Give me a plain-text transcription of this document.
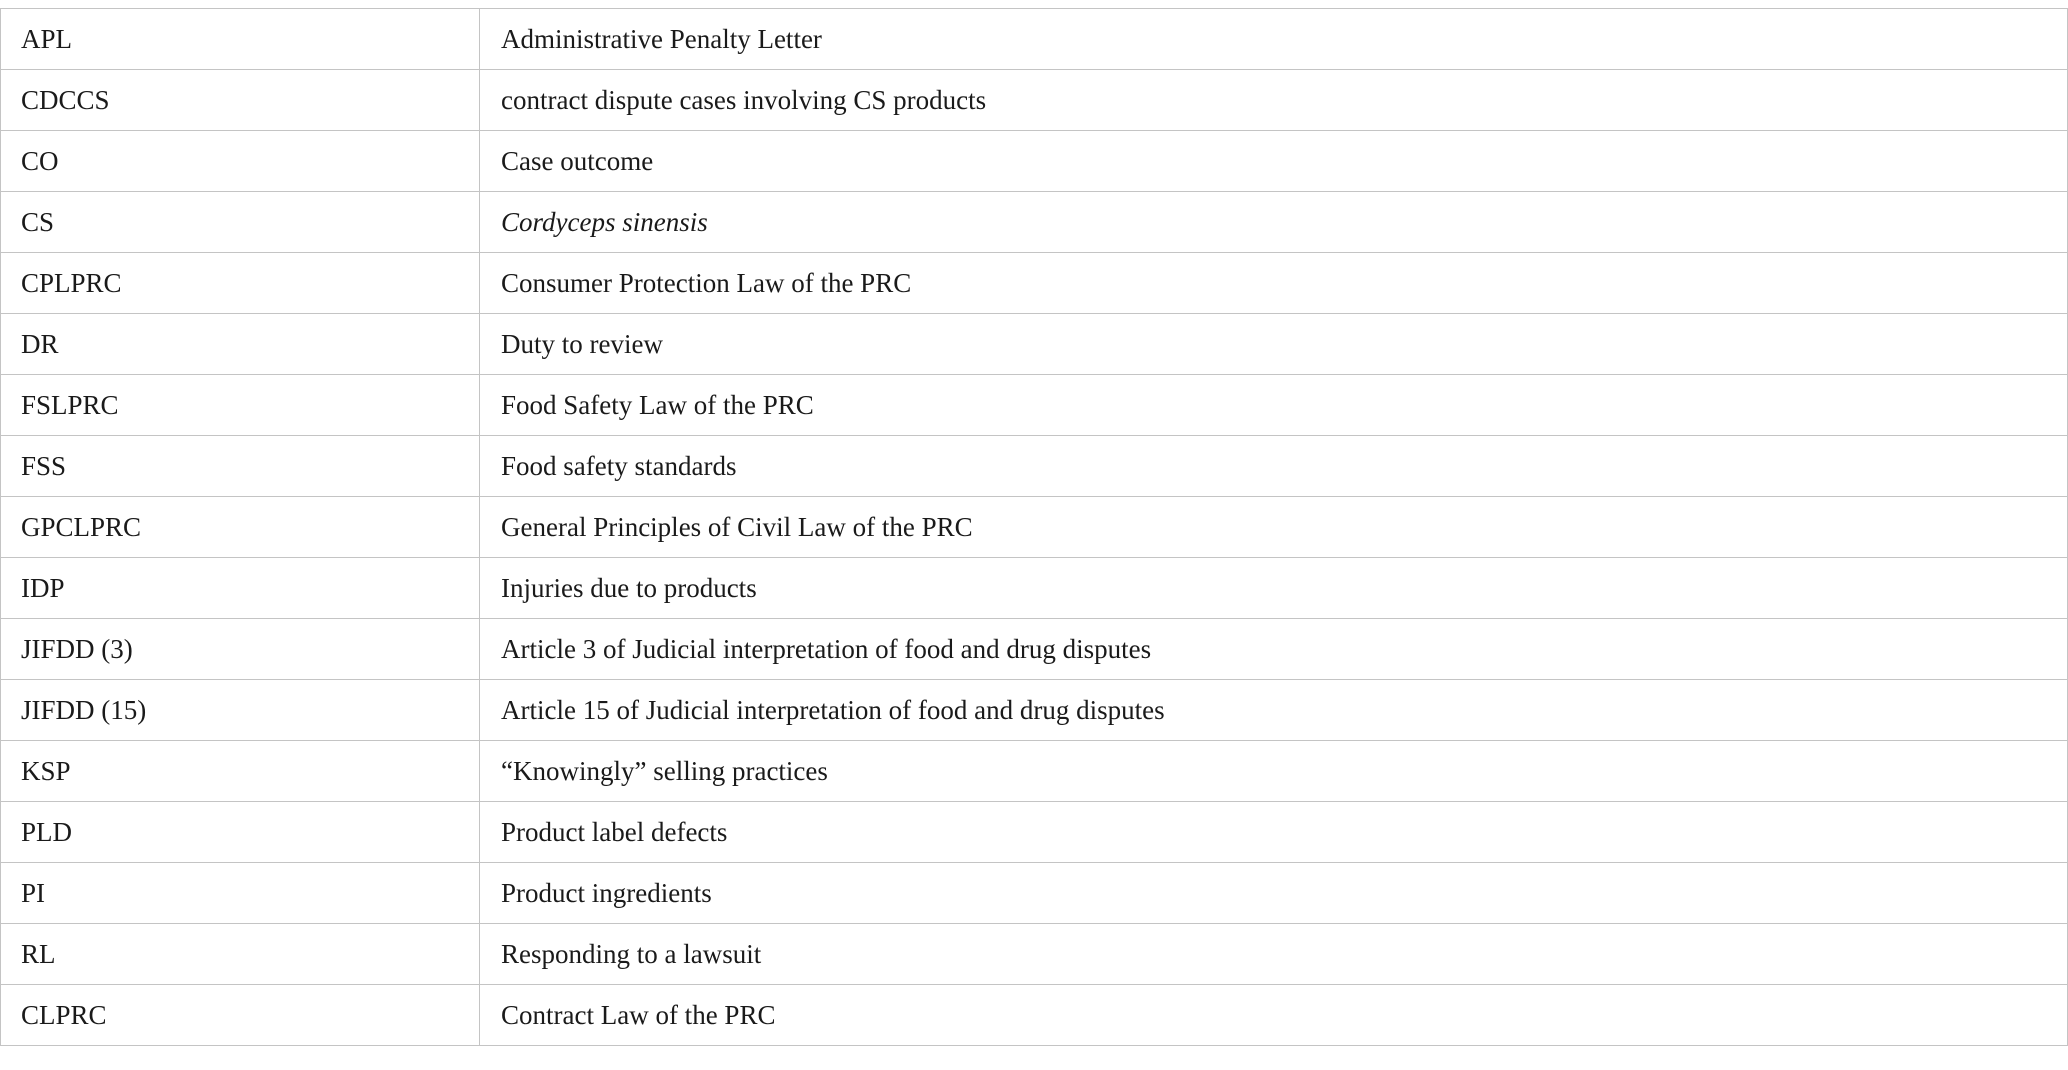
APL	Administrative Penalty Letter
CDCCS	contract dispute cases involving CS products
CO	Case outcome
CS	Cordyceps sinensis
CPLPRC	Consumer Protection Law of the PRC
DR	Duty to review
FSLPRC	Food Safety Law of the PRC
FSS	Food safety standards
GPCLPRC	General Principles of Civil Law of the PRC
IDP	Injuries due to products
JIFDD (3)	Article 3 of Judicial interpretation of food and drug disputes
JIFDD (15)	Article 15 of Judicial interpretation of food and drug disputes
KSP	“Knowingly” selling practices
PLD	Product label defects
PI	Product ingredients
RL	Responding to a lawsuit
CLPRC	Contract Law of the PRC
